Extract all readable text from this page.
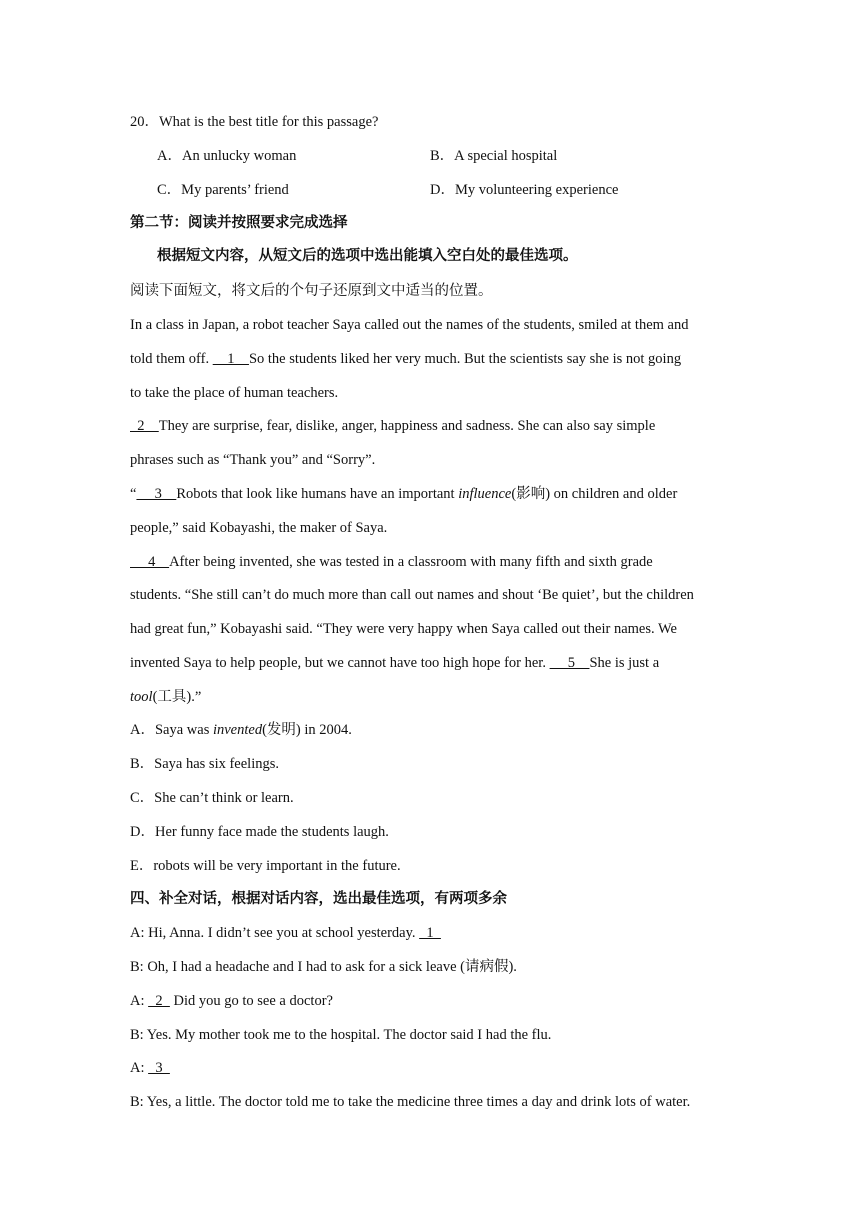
20．What is the best title for this passage?
A．An unlucky woman	B．A special hospital
C．My parents’ friend	D．My volunteering experience
第二节：阅读并按照要求完成选择
根据短文内容，从短文后的选项中选出能填入空白处的最佳选项。
阅读下面短文，将文后的个句子还原到文中适当的位置。
In a class in Japan, a robot teacher Saya called out the names of the students, smiled at them and
told them off.     1    So the students liked her very much. But the scientists say she is not going
to take the place of human teachers.
2    They are surprise, fear, dislike, anger, happiness and sadness. She can also say simple
phrases such as “Thank you” and “Sorry”.
“     3    Robots that look like humans have an important influence(影响) on children and older
people,” said Kobayashi, the maker of Saya.
4    After being invented, she was tested in a classroom with many fifth and sixth grade
students. “She still can’t do much more than call out names and shout ‘Be quiet’, but the children
invented Saya to help people, but we cannot have too high hope for her.      5    She is just a
had great fun,” Kobayashi said. “They were very happy when Saya called out their names. We
tool(工具).”
A．Saya was invented(发明) in 2004.
B．Saya has six feelings.
C．She can’t think or learn.
D．Her funny face made the students laugh.
E．robots will be very important in the future.
四、补全对话，根据对话内容，选出最佳选项，有两项多余
A: Hi, Anna. I didn’t see you at school yesterday.   1
B: Oh, I had a headache and I had to ask for a sick leave (请病假).
A:   2   Did you go to see a doctor?
B: Yes. My mother took me to the hospital. The doctor said I had the flu.
A:   3
B: Yes, a little. The doctor told me to take the medicine three times a day and drink lots of water.
